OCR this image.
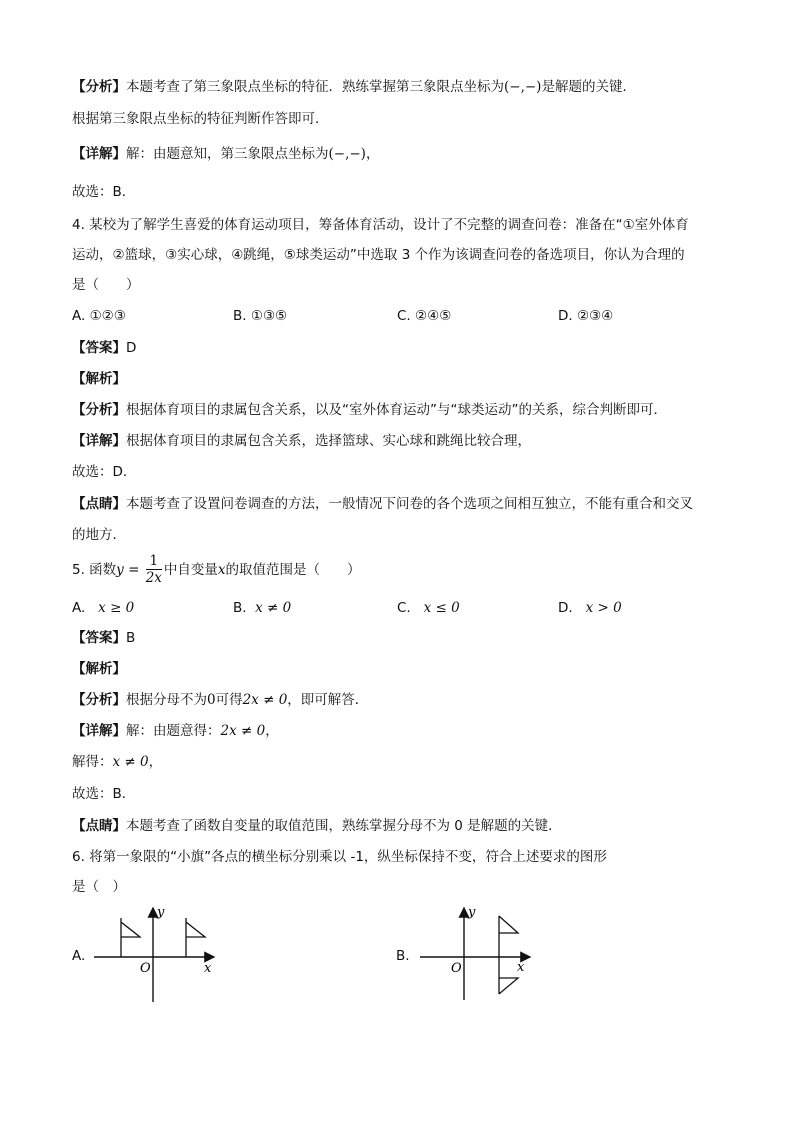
【分析】本题考查了第三象限点坐标的特征．熟练掌握第三象限点坐标为(−,−)是解题的关键．
根据第三象限点坐标的特征判断作答即可．
【详解】解：由题意知，第三象限点坐标为(−,−)，
故选：B．
4. 某校为了解学生喜爱的体育运动项目，筹备体育活动，设计了不完整的调查问卷：准备在“①室外体育
运动，②篮球，③实心球，④跳绳，⑤球类运动”中选取 3 个作为该调查问卷的备选项目，你认为合理的
是（　　）
A. ①②③	B. ①③⑤	C. ②④⑤	D. ②③④
【答案】D
【解析】
【分析】根据体育项目的隶属包含关系，以及“室外体育运动”与“球类运动”的关系，综合判断即可．
【详解】根据体育项目的隶属包含关系，选择篮球、实心球和跳绳比较合理，
故选：D．
【点睛】本题考查了设置问卷调查的方法，一般情况下问卷的各个选项之间相互独立，不能有重合和交叉
的地方．
5. 函数$y = \frac{1}{2x}$ 中自变量x的取值范围是（　　）
A. x ≥ 0	B. x ≠ 0	C. x ≤ 0	D. x > 0
【答案】B
【解析】
【分析】根据分母不为0可得2x ≠ 0，即可解答．
【详解】解：由题意得：2x ≠ 0，
解得：x ≠ 0，
故选：B．
【点睛】本题考查了函数自变量的取值范围，熟练掌握分母不为 0 是解题的关键．
6. 将第一象限的“小旗”各点的横坐标分别乘以 -1，纵坐标保持不变，符合上述要求的图形
是（　）
A.
y
x
O
B.
y
x
O
